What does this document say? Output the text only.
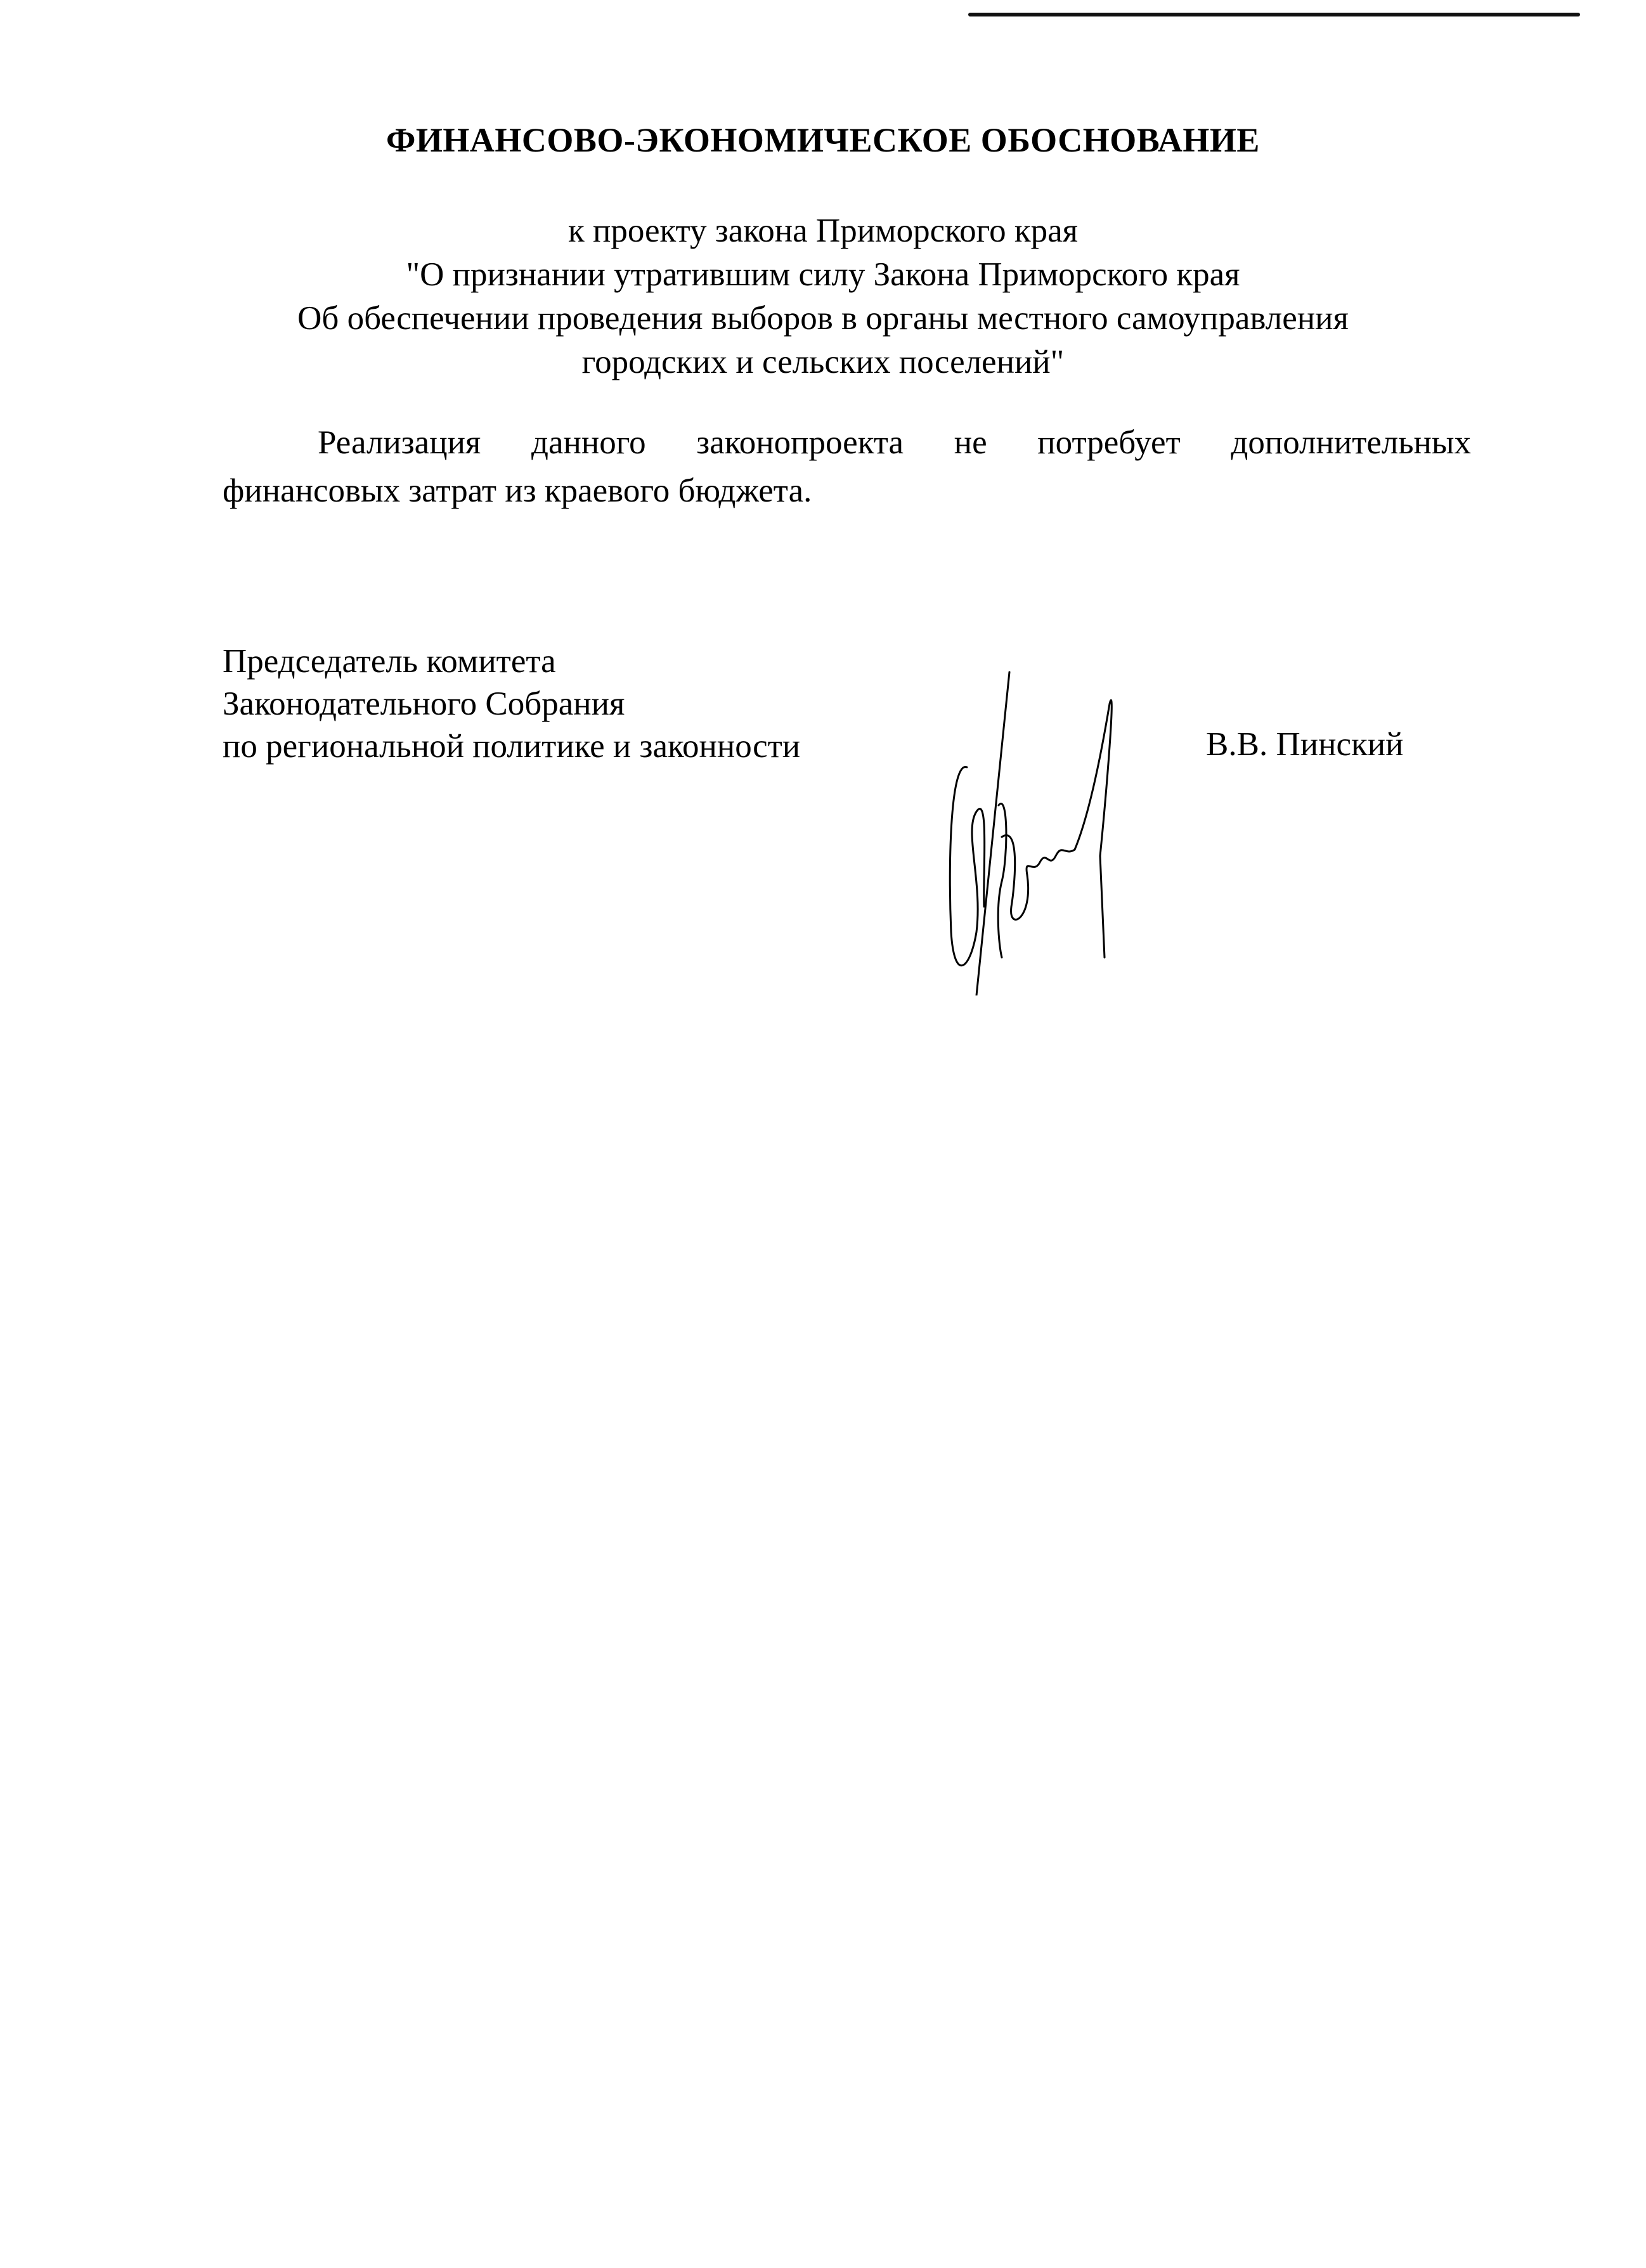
ФИНАНСОВО-ЭКОНОМИЧЕСКОЕ ОБОСНОВАНИЕ
к проекту закона Приморского края
"О признании утратившим силу Закона Приморского края
Об обеспечении проведения выборов в органы местного самоуправления
городских и сельских поселений"
Реализация данного законопроекта не потребует дополнительных
финансовых затрат из краевого бюджета.
Председатель комитета
Законодательного Собрания
по региональной политике и законности	В.В. Пинский
